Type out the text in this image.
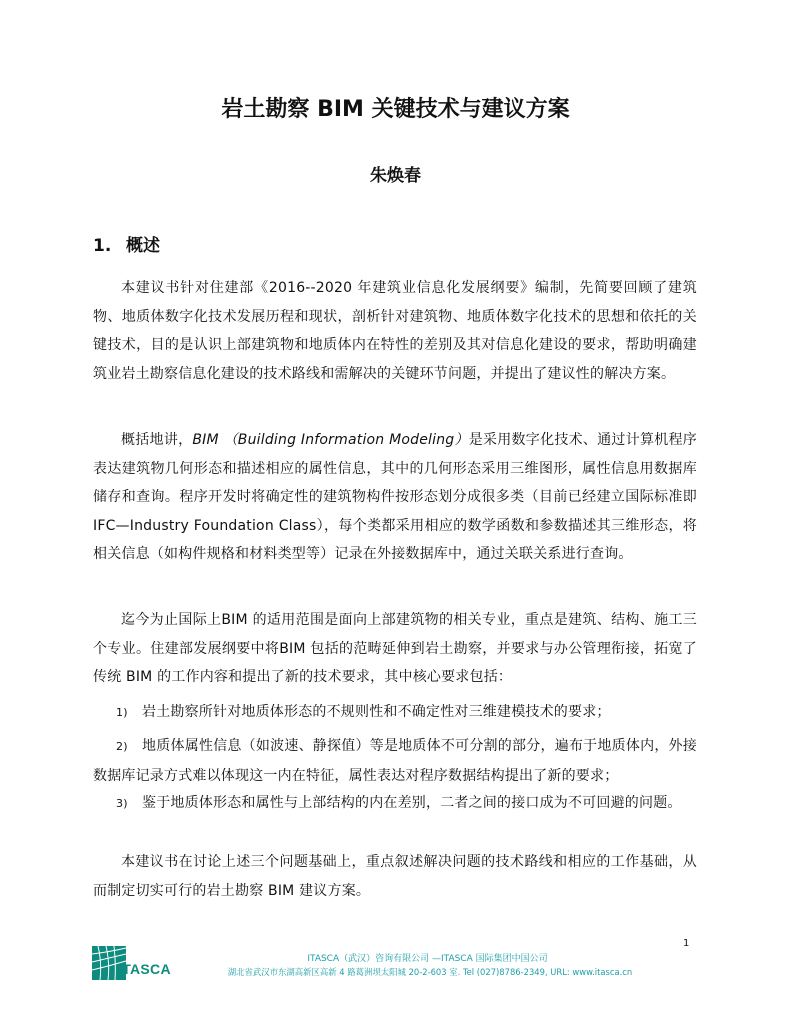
岩土勘察 BIM 关键技术与建议方案

朱焕春

1. 概述

本建议书针对住建部《2016--2020 年建筑业信息化发展纲要》编制，先简要回顾了建筑物、地质体数字化技术发展历程和现状，剖析针对建筑物、地质体数字化技术的思想和依托的关键技术，目的是认识上部建筑物和地质体内在特性的差别及其对信息化建设的要求，帮助明确建筑业岩土勘察信息化建设的技术路线和需解决的关键环节问题，并提出了建议性的解决方案。

概括地讲，BIM （Building Information Modeling）是采用数字化技术、通过计算机程序表达建筑物几何形态和描述相应的属性信息，其中的几何形态采用三维图形，属性信息用数据库储存和查询。程序开发时将确定性的建筑物构件按形态划分成很多类（目前已经建立国际标准即 IFC—Industry Foundation Class），每个类都采用相应的数学函数和参数描述其三维形态，将相关信息（如构件规格和材料类型等）记录在外接数据库中，通过关联关系进行查询。

迄今为止国际上BIM 的适用范围是面向上部建筑物的相关专业，重点是建筑、结构、施工三个专业。住建部发展纲要中将BIM 包括的范畴延伸到岩土勘察，并要求与办公管理衔接，拓宽了传统 BIM 的工作内容和提出了新的技术要求，其中核心要求包括：

1) 岩土勘察所针对地质体形态的不规则性和不确定性对三维建模技术的要求；

2) 地质体属性信息（如波速、静探值）等是地质体不可分割的部分，遍布于地质体内，外接数据库记录方式难以体现这一内在特征，属性表达对程序数据结构提出了新的要求；

3) 鉴于地质体形态和属性与上部结构的内在差别，二者之间的接口成为不可回避的问题。

本建议书在讨论上述三个问题基础上，重点叙述解决问题的技术路线和相应的工作基础，从而制定切实可行的岩土勘察 BIM 建议方案。

1

ITASCA

ITASCA（武汉）咨询有限公司 —ITASCA 国际集团中国公司

湖北省武汉市东湖高新区高新 4 路葛洲坝太阳城 20-2-603 室. Tel (027)8786-2349, URL: www.itasca.cn
